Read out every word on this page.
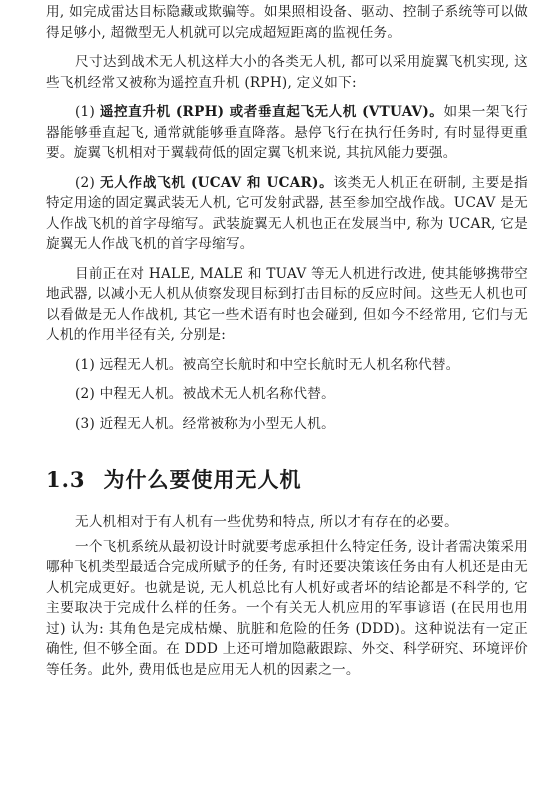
用, 如完成雷达目标隐藏或欺骗等。如果照相设备、驱动、控制子系统等可以做得足够小, 超微型无人机就可以完成超短距离的监视任务。

尺寸达到战术无人机这样大小的各类无人机, 都可以采用旋翼飞机实现, 这些飞机经常又被称为遥控直升机 (RPH), 定义如下:

(1) 遥控直升机 (RPH) 或者垂直起飞无人机 (VTUAV)。如果一架飞行器能够垂直起飞, 通常就能够垂直降落。悬停飞行在执行任务时, 有时显得更重要。旋翼飞机相对于翼载荷低的固定翼飞机来说, 其抗风能力要强。

(2) 无人作战飞机 (UCAV 和 UCAR)。该类无人机正在研制, 主要是指特定用途的固定翼武装无人机, 它可发射武器, 甚至参加空战作战。UCAV 是无人作战飞机的首字母缩写。武装旋翼无人机也正在发展当中, 称为 UCAR, 它是旋翼无人作战飞机的首字母缩写。

目前正在对 HALE, MALE 和 TUAV 等无人机进行改进, 使其能够携带空地武器, 以减小无人机从侦察发现目标到打击目标的反应时间。这些无人机也可以看做是无人作战机, 其它一些术语有时也会碰到, 但如今不经常用, 它们与无人机的作用半径有关, 分别是:

(1) 远程无人机。被高空长航时和中空长航时无人机名称代替。

(2) 中程无人机。被战术无人机名称代替。

(3) 近程无人机。经常被称为小型无人机。

1.3 为什么要使用无人机

无人机相对于有人机有一些优势和特点, 所以才有存在的必要。

一个飞机系统从最初设计时就要考虑承担什么特定任务, 设计者需决策采用哪种飞机类型最适合完成所赋予的任务, 有时还要决策该任务由有人机还是由无人机完成更好。也就是说, 无人机总比有人机好或者坏的结论都是不科学的, 它主要取决于完成什么样的任务。一个有关无人机应用的军事谚语 (在民用也用过) 认为: 其角色是完成枯燥、肮脏和危险的任务 (DDD)。这种说法有一定正确性, 但不够全面。在 DDD 上还可增加隐蔽跟踪、外交、科学研究、环境评价等任务。此外, 费用低也是应用无人机的因素之一。
